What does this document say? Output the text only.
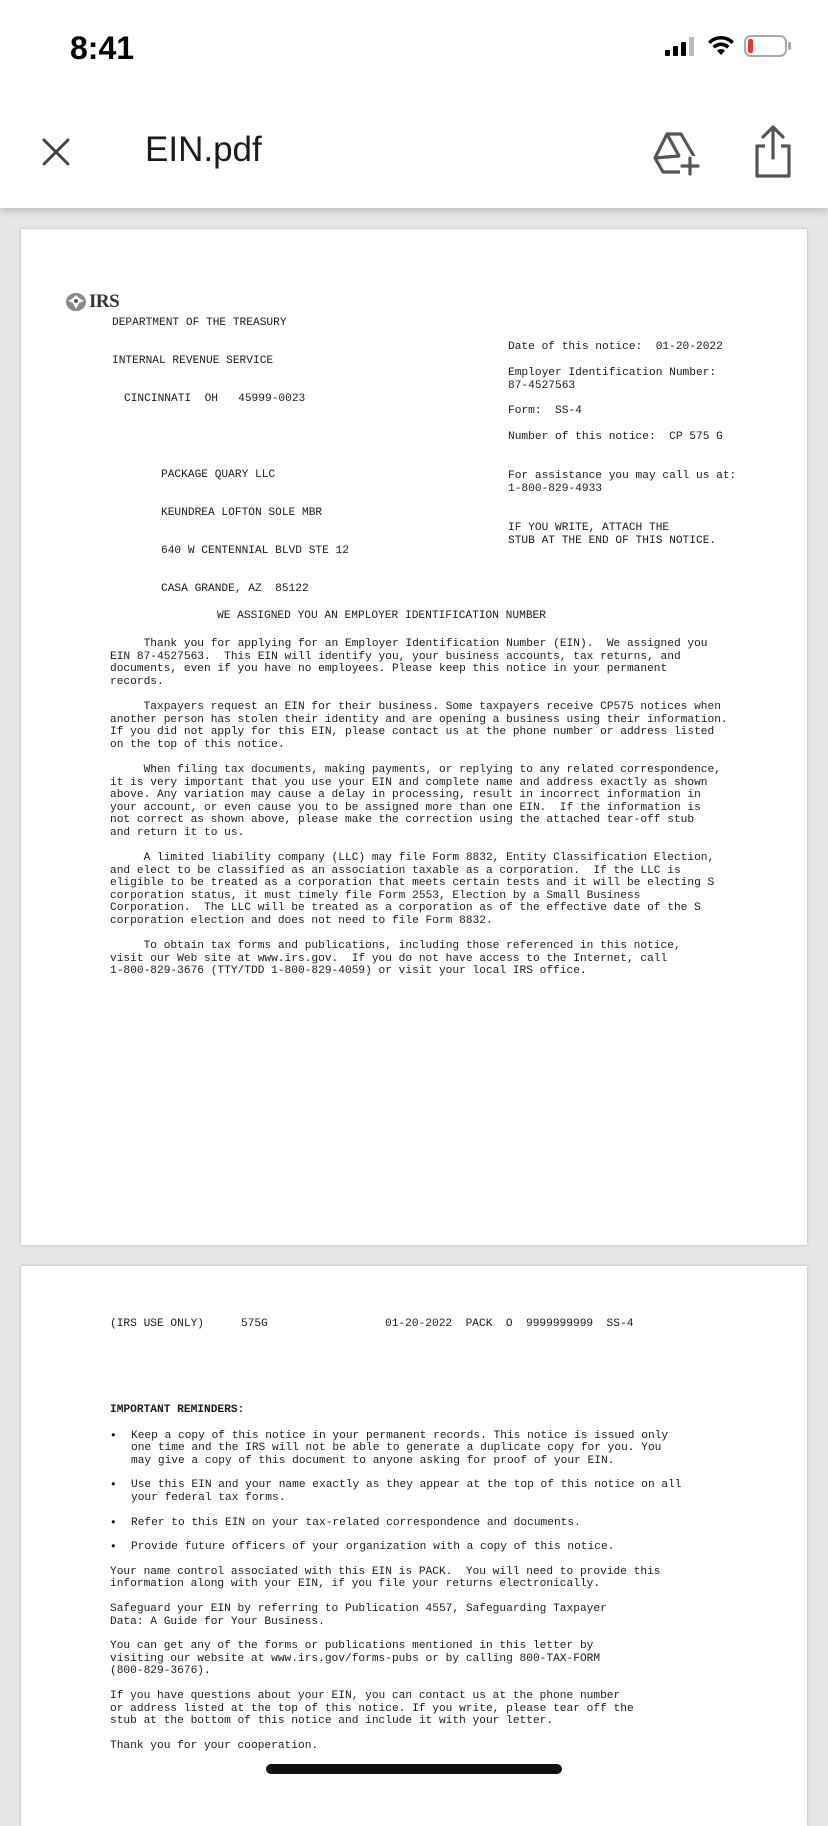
8:41
EIN.pdf
IRS

DEPARTMENT OF THE TREASURY

INTERNAL REVENUE SERVICE

CINCINNATI  OH   45999-0023

Date of this notice:  01-20-2022
Employer Identification Number:
87-4527563
Form:  SS-4
Number of this notice:  CP 575 G
For assistance you may call us at:
1-800-829-4933
IF YOU WRITE, ATTACH THE
STUB AT THE END OF THIS NOTICE.

PACKAGE QUARY LLC

KEUNDREA LOFTON SOLE MBR

640 W CENTENNIAL BLVD STE 12

CASA GRANDE, AZ  85122

WE ASSIGNED YOU AN EMPLOYER IDENTIFICATION NUMBER

Thank you for applying for an Employer Identification Number (EIN).  We assigned you
EIN 87-4527563.  This EIN will identify you, your business accounts, tax returns, and
documents, even if you have no employees. Please keep this notice in your permanent
records.

Taxpayers request an EIN for their business. Some taxpayers receive CP575 notices when
another person has stolen their identity and are opening a business using their information.
If you did not apply for this EIN, please contact us at the phone number or address listed
on the top of this notice.

When filing tax documents, making payments, or replying to any related correspondence,
it is very important that you use your EIN and complete name and address exactly as shown
above. Any variation may cause a delay in processing, result in incorrect information in
your account, or even cause you to be assigned more than one EIN.  If the information is
not correct as shown above, please make the correction using the attached tear-off stub
and return it to us.

A limited liability company (LLC) may file Form 8832, Entity Classification Election,
and elect to be classified as an association taxable as a corporation.  If the LLC is
eligible to be treated as a corporation that meets certain tests and it will be electing S
corporation status, it must timely file Form 2553, Election by a Small Business
Corporation.  The LLC will be treated as a corporation as of the effective date of the S
corporation election and does not need to file Form 8832.

To obtain tax forms and publications, including those referenced in this notice,
visit our Web site at www.irs.gov.  If you do not have access to the Internet, call
1-800-829-3676 (TTY/TDD 1-800-829-4059) or visit your local IRS office.

(IRS USE ONLY)	575G	01-20-2022  PACK  O  9999999999  SS-4
IMPORTANT REMINDERS:
• Keep a copy of this notice in your permanent records. This notice is issued only
one time and the IRS will not be able to generate a duplicate copy for you. You
may give a copy of this document to anyone asking for proof of your EIN.
• Use this EIN and your name exactly as they appear at the top of this notice on all
your federal tax forms.
• Refer to this EIN on your tax-related correspondence and documents.
• Provide future officers of your organization with a copy of this notice.

Your name control associated with this EIN is PACK.  You will need to provide this
information along with your EIN, if you file your returns electronically.

Safeguard your EIN by referring to Publication 4557, Safeguarding Taxpayer
Data: A Guide for Your Business.

You can get any of the forms or publications mentioned in this letter by
visiting our website at www.irs.gov/forms-pubs or by calling 800-TAX-FORM
(800-829-3676).

If you have questions about your EIN, you can contact us at the phone number
or address listed at the top of this notice. If you write, please tear off the
stub at the bottom of this notice and include it with your letter.

Thank you for your cooperation.
